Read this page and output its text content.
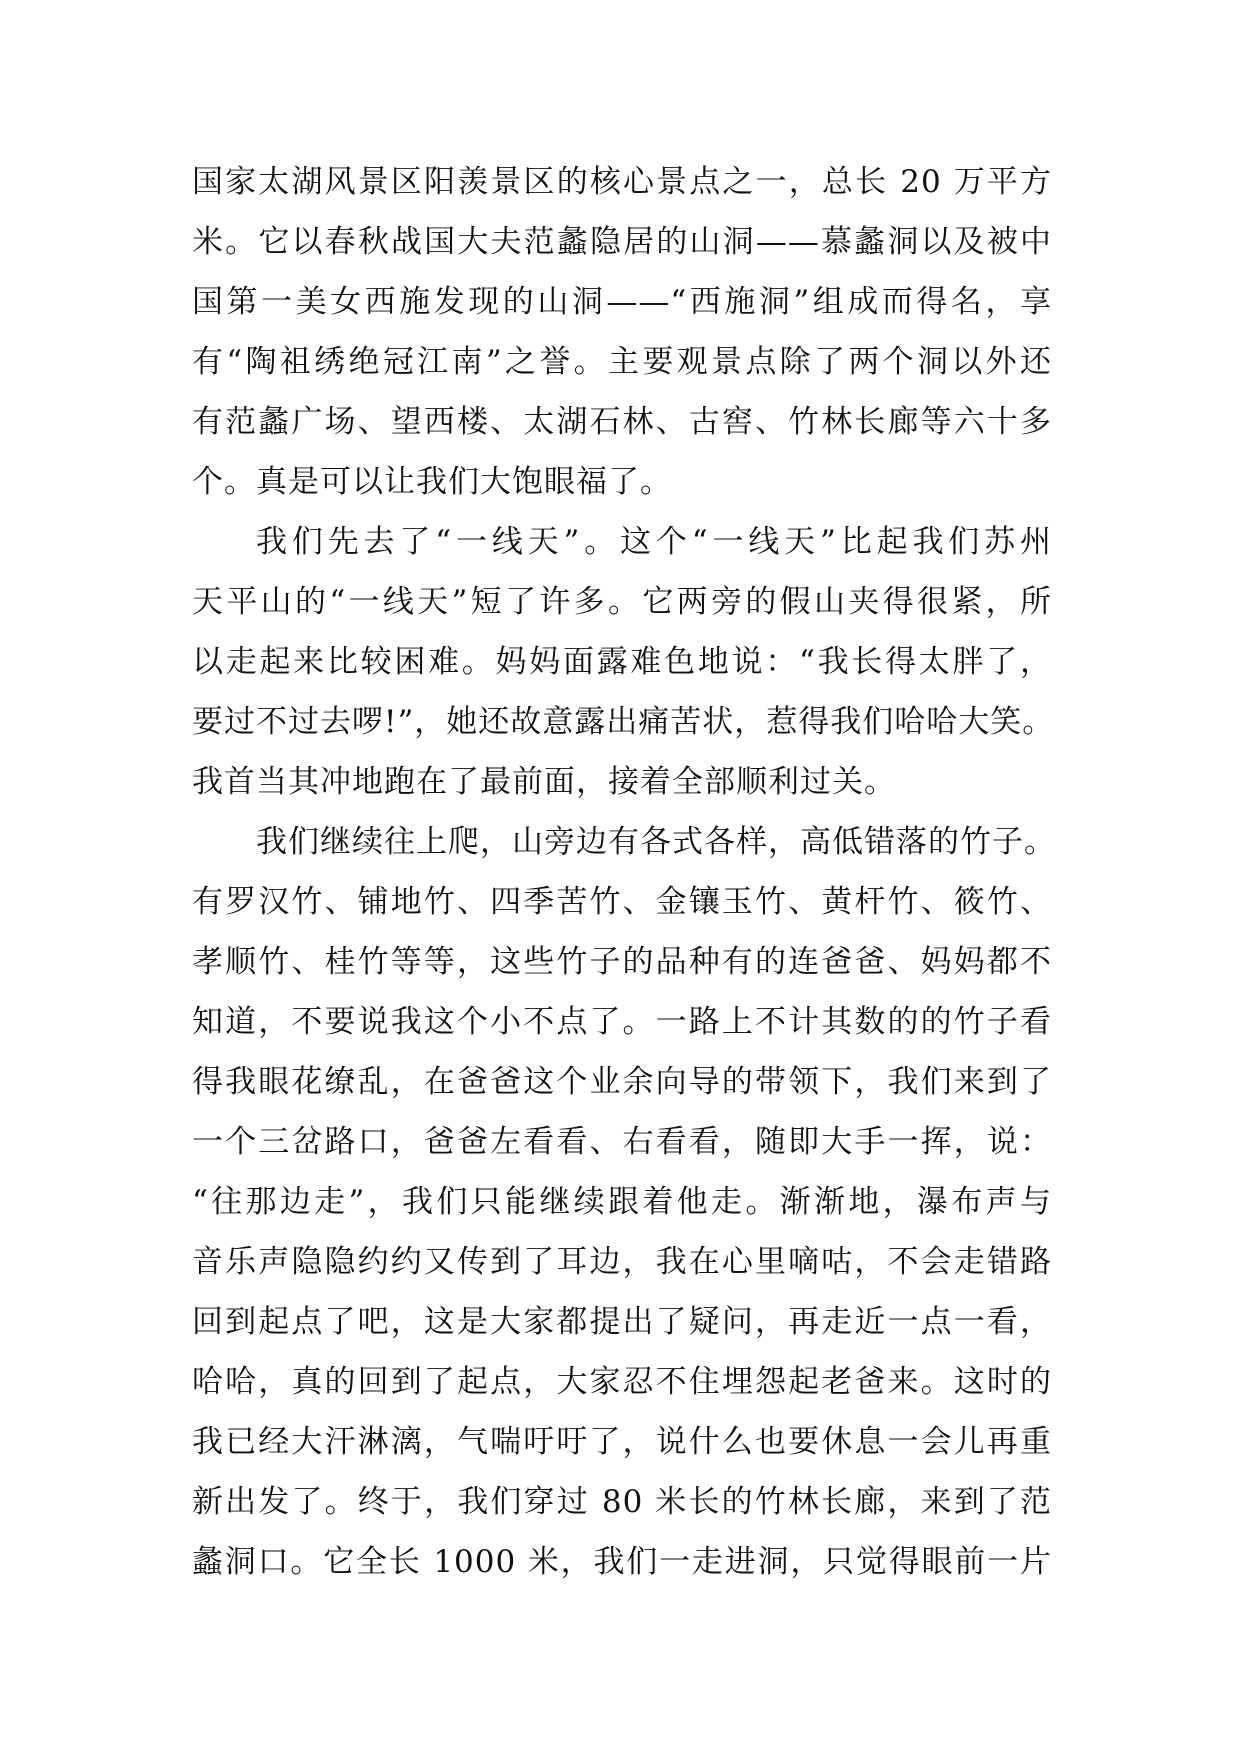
国家太湖风景区阳羡景区的核心景点之一，总长 20 万平方
米。它以春秋战国大夫范蠡隐居的山洞——慕蠡洞以及被中
国第一美女西施发现的山洞——“西施洞”组成而得名，享
有“陶祖绣绝冠江南”之誉。主要观景点除了两个洞以外还
有范蠡广场、望西楼、太湖石林、古窖、竹林长廊等六十多
个。真是可以让我们大饱眼福了。
我们先去了“一线天”。这个“一线天”比起我们苏州
天平山的“一线天”短了许多。它两旁的假山夹得很紧，所
以走起来比较困难。妈妈面露难色地说：“我长得太胖了，
要过不过去啰!”，她还故意露出痛苦状，惹得我们哈哈大笑。
我首当其冲地跑在了最前面，接着全部顺利过关。
我们继续往上爬，山旁边有各式各样，高低错落的竹子。
有罗汉竹、铺地竹、四季苦竹、金镶玉竹、黄杆竹、筱竹、
孝顺竹、桂竹等等，这些竹子的品种有的连爸爸、妈妈都不
知道，不要说我这个小不点了。一路上不计其数的的竹子看
得我眼花缭乱，在爸爸这个业余向导的带领下，我们来到了
一个三岔路口，爸爸左看看、右看看，随即大手一挥，说：
“往那边走”，我们只能继续跟着他走。渐渐地，瀑布声与
音乐声隐隐约约又传到了耳边，我在心里嘀咕，不会走错路
回到起点了吧，这是大家都提出了疑问，再走近一点一看，
哈哈，真的回到了起点，大家忍不住埋怨起老爸来。这时的
我已经大汗淋漓，气喘吁吁了，说什么也要休息一会儿再重
新出发了。终于，我们穿过 80 米长的竹林长廊，来到了范
蠡洞口。它全长 1000 米，我们一走进洞，只觉得眼前一片
